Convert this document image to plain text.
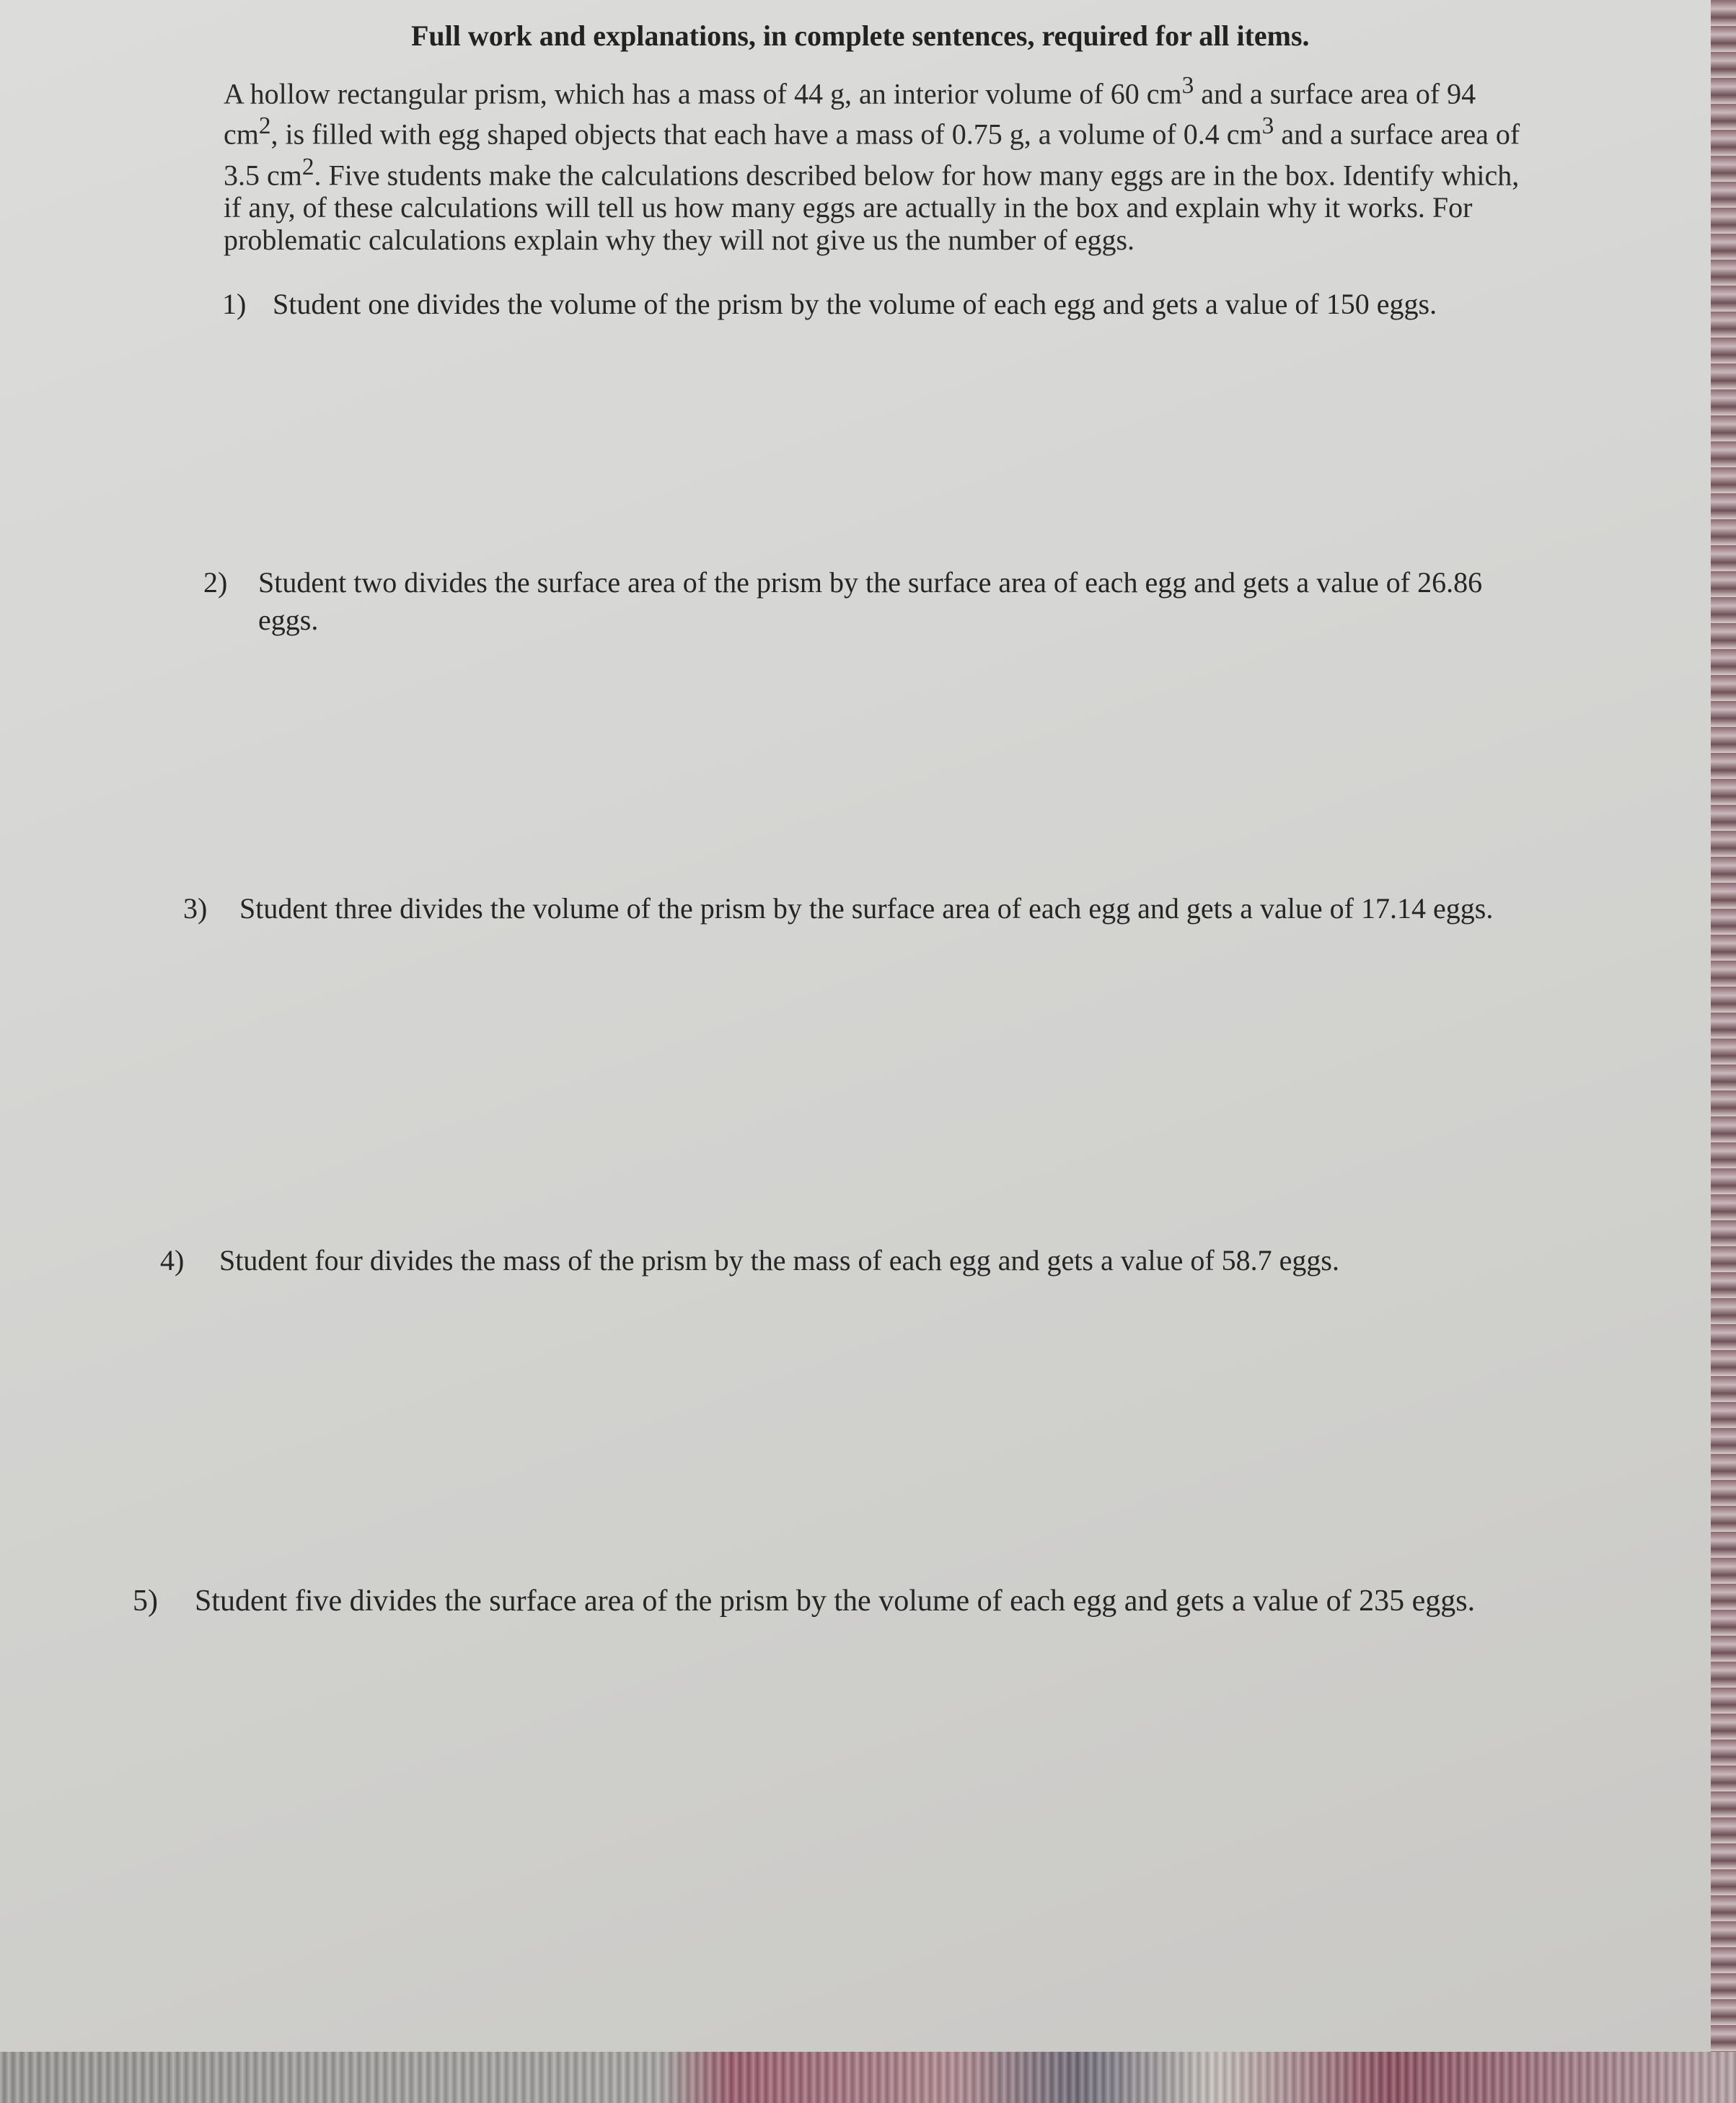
Full work and explanations, in complete sentences, required for all items.

A hollow rectangular prism, which has a mass of 44 g, an interior volume of 60 $cm^3$ and a surface area of 94 $cm^2$, is filled with egg shaped objects that each have a mass of 0.75 g, a volume of 0.4 $cm^3$ and a surface area of 3.5 $cm^2$. Five students make the calculations described below for how many eggs are in the box. Identify which, if any, of these calculations will tell us how many eggs are actually in the box and explain why it works. For problematic calculations explain why they will not give us the number of eggs.

1) Student one divides the volume of the prism by the volume of each egg and gets a value of 150 eggs.
2)	Student two divides the surface area of the prism by the surface area of each egg and gets a value of 26.86 eggs.
3)	Student three divides the volume of the prism by the surface area of each egg and gets a value of 17.14 eggs.
4)	Student four divides the mass of the prism by the mass of each egg and gets a value of 58.7 eggs.
5)	Student five divides the surface area of the prism by the volume of each egg and gets a value of 235 eggs.
